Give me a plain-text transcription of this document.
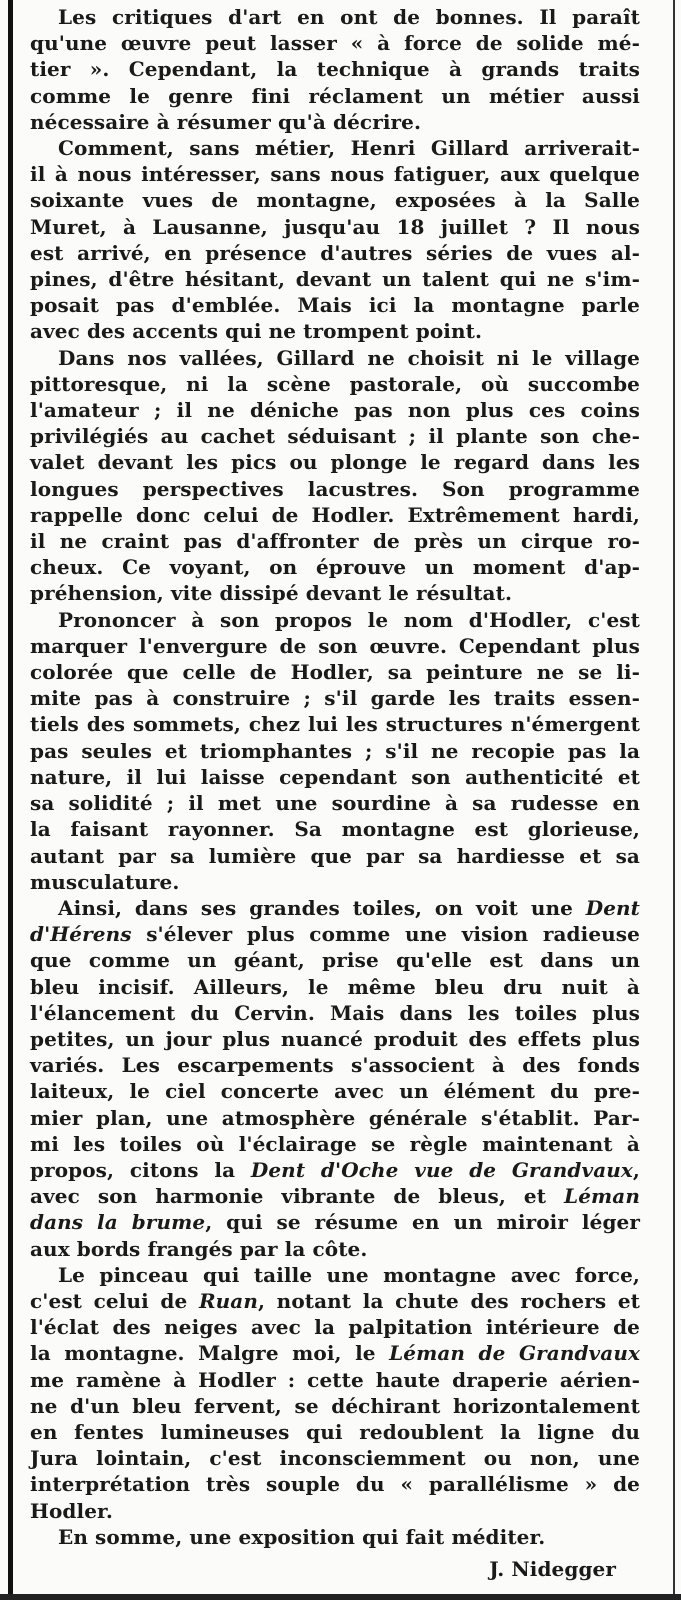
Les critiques d'art en ont de bonnes. Il paraît
qu'une œuvre peut lasser « à force de solide mé-
tier ». Cependant, la technique à grands traits
comme le genre fini réclament un métier aussi
nécessaire à résumer qu'à décrire.
Comment, sans métier, Henri Gillard arriverait-
il à nous intéresser, sans nous fatiguer, aux quelque
soixante vues de montagne, exposées à la Salle
Muret, à Lausanne, jusqu'au 18 juillet ? Il nous
est arrivé, en présence d'autres séries de vues al-
pines, d'être hésitant, devant un talent qui ne s'im-
posait pas d'emblée. Mais ici la montagne parle
avec des accents qui ne trompent point.
Dans nos vallées, Gillard ne choisit ni le village
pittoresque, ni la scène pastorale, où succombe
l'amateur ; il ne déniche pas non plus ces coins
privilégiés au cachet séduisant ; il plante son che-
valet devant les pics ou plonge le regard dans les
longues perspectives lacustres. Son programme
rappelle donc celui de Hodler. Extrêmement hardi,
il ne craint pas d'affronter de près un cirque ro-
cheux. Ce voyant, on éprouve un moment d'ap-
préhension, vite dissipé devant le résultat.
Prononcer à son propos le nom d'Hodler, c'est
marquer l'envergure de son œuvre. Cependant plus
colorée que celle de Hodler, sa peinture ne se li-
mite pas à construire ; s'il garde les traits essen-
tiels des sommets, chez lui les structures n'émergent
pas seules et triomphantes ; s'il ne recopie pas la
nature, il lui laisse cependant son authenticité et
sa solidité ; il met une sourdine à sa rudesse en
la faisant rayonner. Sa montagne est glorieuse,
autant par sa lumière que par sa hardiesse et sa
musculature.
Ainsi, dans ses grandes toiles, on voit une Dent
d'Hérens s'élever plus comme une vision radieuse
que comme un géant, prise qu'elle est dans un
bleu incisif. Ailleurs, le même bleu dru nuit à
l'élancement du Cervin. Mais dans les toiles plus
petites, un jour plus nuancé produit des effets plus
variés. Les escarpements s'associent à des fonds
laiteux, le ciel concerte avec un élément du pre-
mier plan, une atmosphère générale s'établit. Par-
mi les toiles où l'éclairage se règle maintenant à
propos, citons la Dent d'Oche vue de Grandvaux,
avec son harmonie vibrante de bleus, et Léman
dans la brume, qui se résume en un miroir léger
aux bords frangés par la côte.
Le pinceau qui taille une montagne avec force,
c'est celui de Ruan, notant la chute des rochers et
l'éclat des neiges avec la palpitation intérieure de
la montagne. Malgre moi, le Léman de Grandvaux
me ramène à Hodler : cette haute draperie aérien-
ne d'un bleu fervent, se déchirant horizontalement
en fentes lumineuses qui redoublent la ligne du
Jura lointain, c'est inconsciemment ou non, une
interprétation très souple du « parallélisme » de
Hodler.
En somme, une exposition qui fait méditer.
J. Nidegger
